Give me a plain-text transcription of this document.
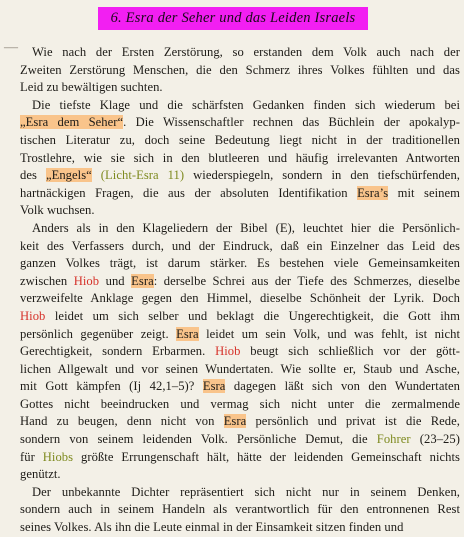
—
6. Esra der Seher und das Leiden Israels
Wie nach der Ersten Zerstörung, so erstanden dem Volk auch nach der
Zweiten Zerstörung Menschen, die den Schmerz ihres Volkes fühlten und das
Leid zu bewältigen suchten.
Die tiefste Klage und die schärfsten Gedanken finden sich wiederum bei
„Esra dem Seher“. Die Wissenschaftler rechnen das Büchlein der apokalyp-
tischen Literatur zu, doch seine Bedeutung liegt nicht in der traditionellen
Trostlehre, wie sie sich in den blutleeren und häufig irrelevanten Antworten
des „Engels“ (Licht-Esra 11) wiederspiegeln, sondern in den tiefschürfenden,
hartnäckigen Fragen, die aus der absoluten Identifikation Esra’s mit seinem
Volk wuchsen.
Anders als in den Klageliedern der Bibel (E), leuchtet hier die Persönlich-
keit des Verfassers durch, und der Eindruck, daß ein Einzelner das Leid des
ganzen Volkes trägt, ist darum stärker. Es bestehen viele Gemeinsamkeiten
zwischen Hiob und Esra: derselbe Schrei aus der Tiefe des Schmerzes, dieselbe
verzweifelte Anklage gegen den Himmel, dieselbe Schönheit der Lyrik. Doch
Hiob leidet um sich selber und beklagt die Ungerechtigkeit, die Gott ihm
persönlich gegenüber zeigt. Esra leidet um sein Volk, und was fehlt, ist nicht
Gerechtigkeit, sondern Erbarmen. Hiob beugt sich schließlich vor der gött-
lichen Allgewalt und vor seinen Wundertaten. Wie sollte er, Staub und Asche,
mit Gott kämpfen (Ij 42,1–5)? Esra dagegen läßt sich von den Wundertaten
Gottes nicht beeindrucken und vermag sich nicht unter die zermalmende
Hand zu beugen, denn nicht von Esra persönlich und privat ist die Rede,
sondern von seinem leidenden Volk. Persönliche Demut, die Fohrer (23–25)
für Hiobs größte Errungenschaft hält, hätte der leidenden Gemeinschaft nichts
genützt.
Der unbekannte Dichter repräsentiert sich nicht nur in seinem Denken,
sondern auch in seinem Handeln als verantwortlich für den entronnenen Rest
seines Volkes. Als ihn die Leute einmal in der Einsamkeit sitzen finden und
